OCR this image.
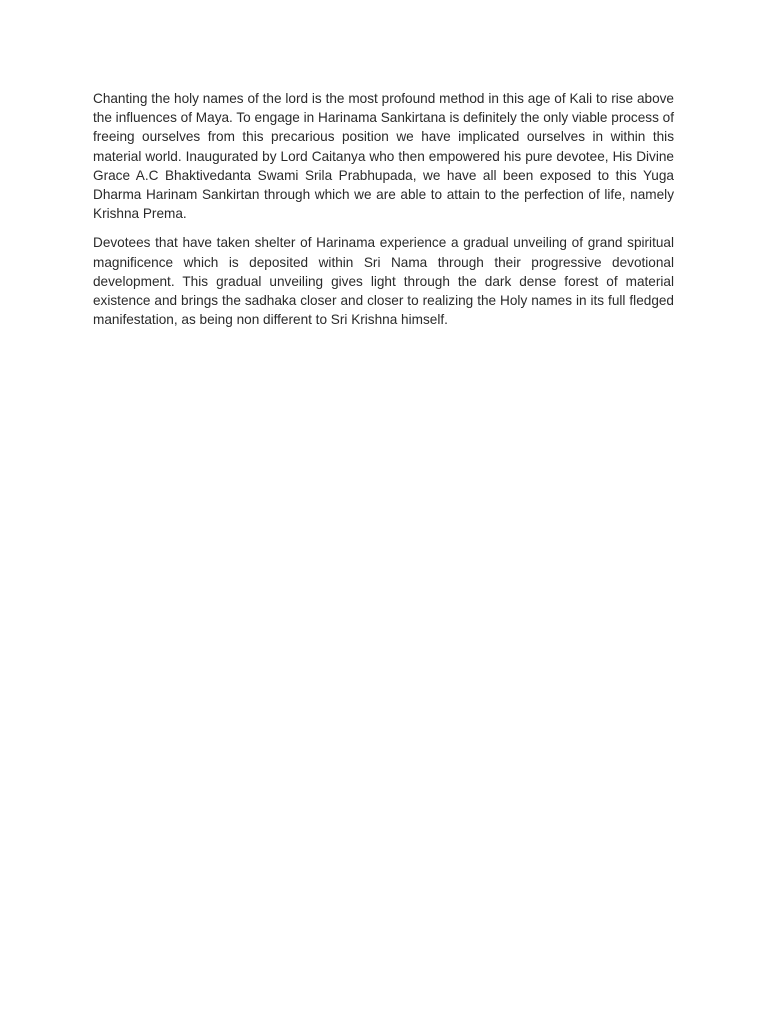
Chanting the holy names of the lord is the most profound method in this age of Kali to rise above the influences of Maya. To engage in Harinama Sankirtana is definitely the only viable process of freeing ourselves from this precarious position we have implicated ourselves in within this material world. Inaugurated by Lord Caitanya who then empowered his pure devotee, His Divine Grace A.C Bhaktivedanta Swami Srila Prabhupada, we have all been exposed to this Yuga Dharma Harinam Sankirtan through which we are able to attain to the perfection of life, namely Krishna Prema.

Devotees that have taken shelter of Harinama experience a gradual unveiling of grand spiritual magnificence which is deposited within Sri Nama through their progressive devotional development. This gradual unveiling gives light through the dark dense forest of material existence and brings the sadhaka closer and closer to realizing the Holy names in its full fledged manifestation, as being non different to Sri Krishna himself.
